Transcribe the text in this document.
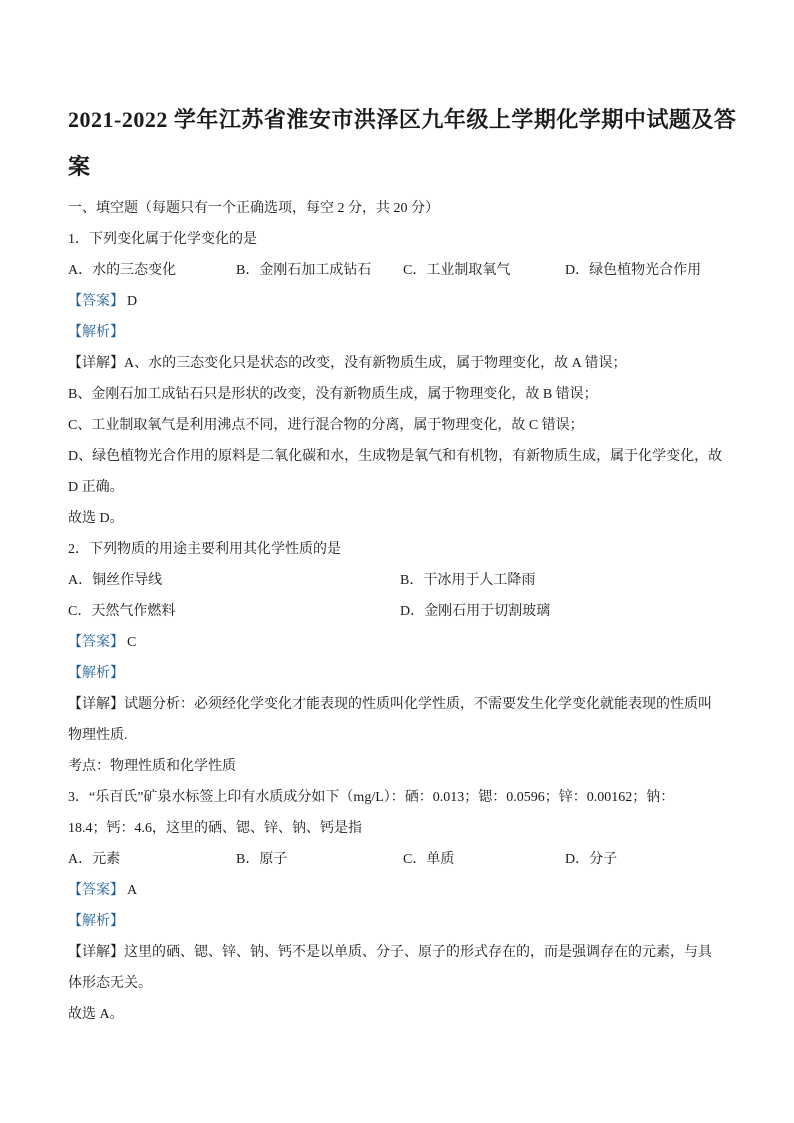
2021-2022 学年江苏省淮安市洪泽区九年级上学期化学期中试题及答
案
一、填空题（每题只有一个正确选项，每空 2 分，共 20 分）
1．下列变化属于化学变化的是
A．水的三态变化	B．金刚石加工成钻石 C．工业制取氧气	D．绿色植物光合作用
【答案】 D
【解析】
【详解】A、水的三态变化只是状态的改变，没有新物质生成，属于物理变化，故 A 错误；
B、金刚石加工成钻石只是形状的改变，没有新物质生成，属于物理变化，故 B 错误；
C、工业制取氧气是利用沸点不同，进行混合物的分离，属于物理变化，故 C 错误；
D、绿色植物光合作用的原料是二氧化碳和水，生成物是氧气和有机物，有新物质生成，属于化学变化，故
D 正确。
故选 D。
2．下列物质的用途主要利用其化学性质的是
A．铜丝作导线	B．干冰用于人工降雨
C．天然气作燃料	D．金刚石用于切割玻璃
【答案】 C
【解析】
【详解】试题分析：必须经化学变化才能表现的性质叫化学性质，不需要发生化学变化就能表现的性质叫
物理性质.
考点：物理性质和化学性质
3．“乐百氏”矿泉水标签上印有水质成分如下（mg/L）：硒：0.013；锶：0.0596；锌：0.00162；钠：
18.4；钙：4.6，这里的硒、锶、锌、钠、钙是指
A．元素	B．原子	C．单质	D．分子
【答案】 A
【解析】
【详解】这里的硒、锶、锌、钠、钙不是以单质、分子、原子的形式存在的，而是强调存在的元素，与具
体形态无关。
故选 A。
